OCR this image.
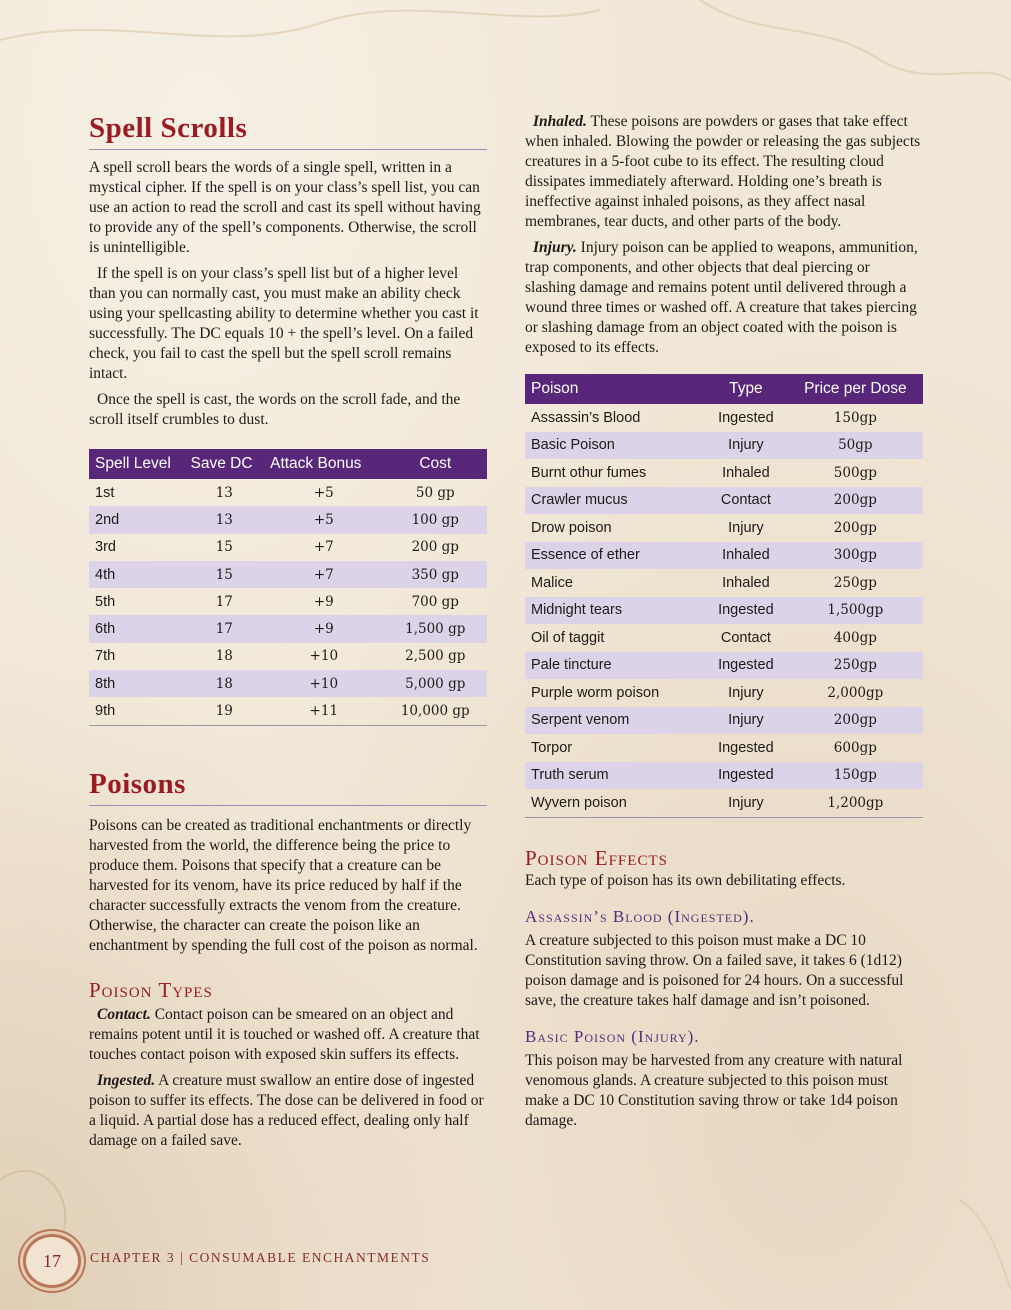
Spell Scrolls

A spell scroll bears the words of a single spell, written in a mystical cipher. If the spell is on your class’s spell list, you can use an action to read the scroll and cast its spell without having to provide any of the spell’s components. Otherwise, the scroll is unintelligible.

If the spell is on your class’s spell list but of a higher level than you can normally cast, you must make an ability check using your spellcasting ability to determine whether you cast it successfully. The DC equals 10 + the spell’s level. On a failed check, you fail to cast the spell but the spell scroll remains intact.

Once the spell is cast, the words on the scroll fade, and the scroll itself crumbles to dust.

Spell Level	Save DC	Attack Bonus	Cost
1st	13	+5	50 gp
2nd	13	+5	100 gp
3rd	15	+7	200 gp
4th	15	+7	350 gp
5th	17	+9	700 gp
6th	17	+9	1,500 gp
7th	18	+10	2,500 gp
8th	18	+10	5,000 gp
9th	19	+11	10,000 gp
Poisons

Poisons can be created as traditional enchantments or directly harvested from the world, the difference being the price to produce them. Poisons that specify that a creature can be harvested for its venom, have its price reduced by half if the character successfully extracts the venom from the creature. Otherwise, the character can create the poison like an enchantment by spending the full cost of the poison as normal.

Poison Types

Contact. Contact poison can be smeared on an object and remains potent until it is touched or washed off. A creature that touches contact poison with exposed skin suffers its effects.

Ingested. A creature must swallow an entire dose of ingested poison to suffer its effects. The dose can be delivered in food or a liquid. A partial dose has a reduced effect, dealing only half damage on a failed save.

Inhaled. These poisons are powders or gases that take effect when inhaled. Blowing the powder or releasing the gas subjects creatures in a 5-foot cube to its effect. The resulting cloud dissipates immediately afterward. Holding one’s breath is ineffective against inhaled poisons, as they affect nasal membranes, tear ducts, and other parts of the body.

Injury. Injury poison can be applied to weapons, ammunition, trap components, and other objects that deal piercing or slashing damage and remains potent until delivered through a wound three times or washed off. A creature that takes piercing or slashing damage from an object coated with the poison is exposed to its effects.

Poison	Type	Price per Dose
Assassin’s Blood	Ingested	150gp
Basic Poison	Injury	50gp
Burnt othur fumes	Inhaled	500gp
Crawler mucus	Contact	200gp
Drow poison	Injury	200gp
Essence of ether	Inhaled	300gp
Malice	Inhaled	250gp
Midnight tears	Ingested	1,500gp
Oil of taggit	Contact	400gp
Pale tincture	Ingested	250gp
Purple worm poison	Injury	2,000gp
Serpent venom	Injury	200gp
Torpor	Ingested	600gp
Truth serum	Ingested	150gp
Wyvern poison	Injury	1,200gp
Poison Effects

Each type of poison has its own debilitating effects.

Assassin’s Blood (Ingested).

A creature subjected to this poison must make a DC 10 Constitution saving throw. On a failed save, it takes 6 (1d12) poison damage and is poisoned for 24 hours. On a successful save, the creature takes half damage and isn’t poisoned.

Basic Poison (Injury).

This poison may be harvested from any creature with natural venomous glands. A creature subjected to this poison must make a DC 10 Constitution saving throw or take 1d4 poison damage.

17 CHAPTER 3 | CONSUMABLE ENCHANTMENTS
